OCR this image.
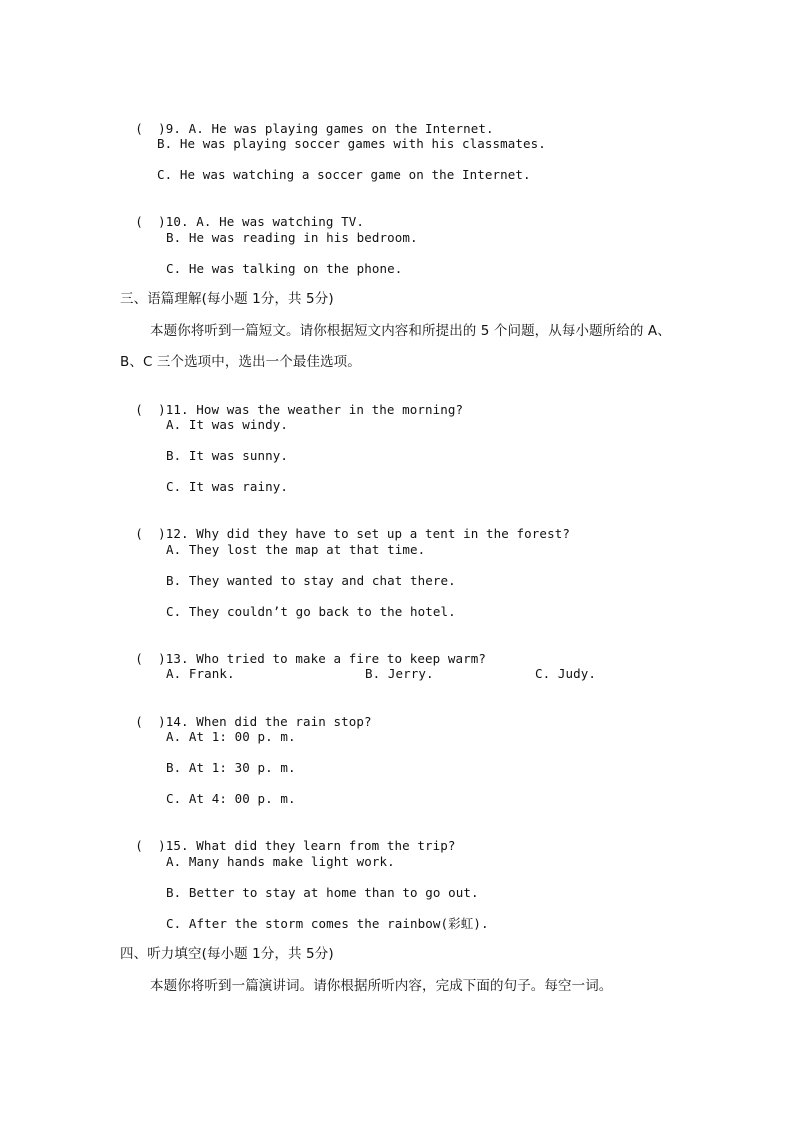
(  )9. A. He was playing games on the Internet.

B. He was playing soccer games with his classmates.
C. He was watching a soccer game on the Internet.

(  )10. A. He was watching TV.

B. He was reading in his bedroom.
C. He was talking on the phone.
三、语篇理解(每小题 1分，共 5分)
本题你将听到一篇短文。请你根据短文内容和所提出的 5 个问题，从每小题所给的 A、
B、C 三个选项中，选出一个最佳选项。

(  )11. How was the weather in the morning?

A. It was windy.
B. It was sunny.
C. It was rainy.

(  )12. Why did they have to set up a tent in the forest?

A. They lost the map at that time.
B. They wanted to stay and chat there.
C. They couldn’t go back to the hotel.

(  )13. Who tried to make a fire to keep warm?

A. Frank.	B. Jerry.	C. Judy.

(  )14. When did the rain stop?

A. At 1: 00 p. m.
B. At 1: 30 p. m.
C. At 4: 00 p. m.

(  )15. What did they learn from the trip?

A. Many hands make light work.
B. Better to stay at home than to go out.
C. After the storm comes the rainbow(彩虹).
四、听力填空(每小题 1分，共 5分)
本题你将听到一篇演讲词。请你根据所听内容，完成下面的句子。每空一词。
